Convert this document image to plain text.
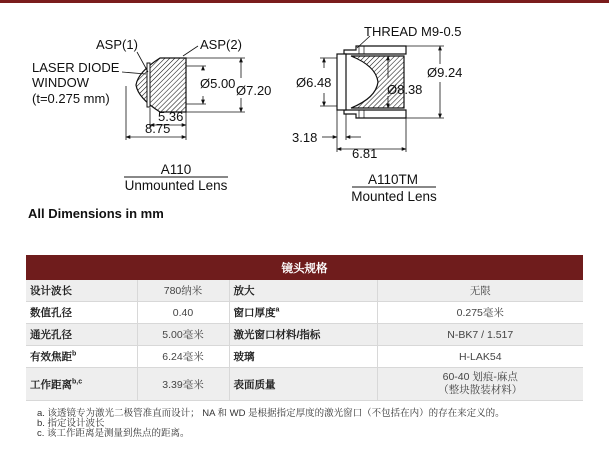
Ø5.00 Ø7.20
5.36
8.75
ASP(1)	ASP(2)
LASER DIODE
WINDOW
(t=0.275 mm)
A110
Unmounted Lens
THREAD M9-0.5
Ø6.48	Ø8.38
Ø9.24
3.18
6.81
A110TM
Mounted Lens
All Dimensions in mm
镜头规格			
设计波长	780纳米	放大	无限
数值孔径	0.40	窗口厚度$^a$	0.275毫米
通光孔径	5.00毫米	激光窗口材料/指标	N-BK7 / 1.517
有效焦距$^b$	6.24毫米	玻璃	H-LAK54
工作距离$^{b,c}$	3.39毫米	表面质量	60-40 划痕-麻点
（整块散装材料）
a. 该透镜专为激光二极管准直而设计； NA 和 WD 是根据指定厚度的激光窗口（不包括在内）的存在来定义的。
b. 指定设计波长
c. 该工作距离是测量到焦点的距离。
